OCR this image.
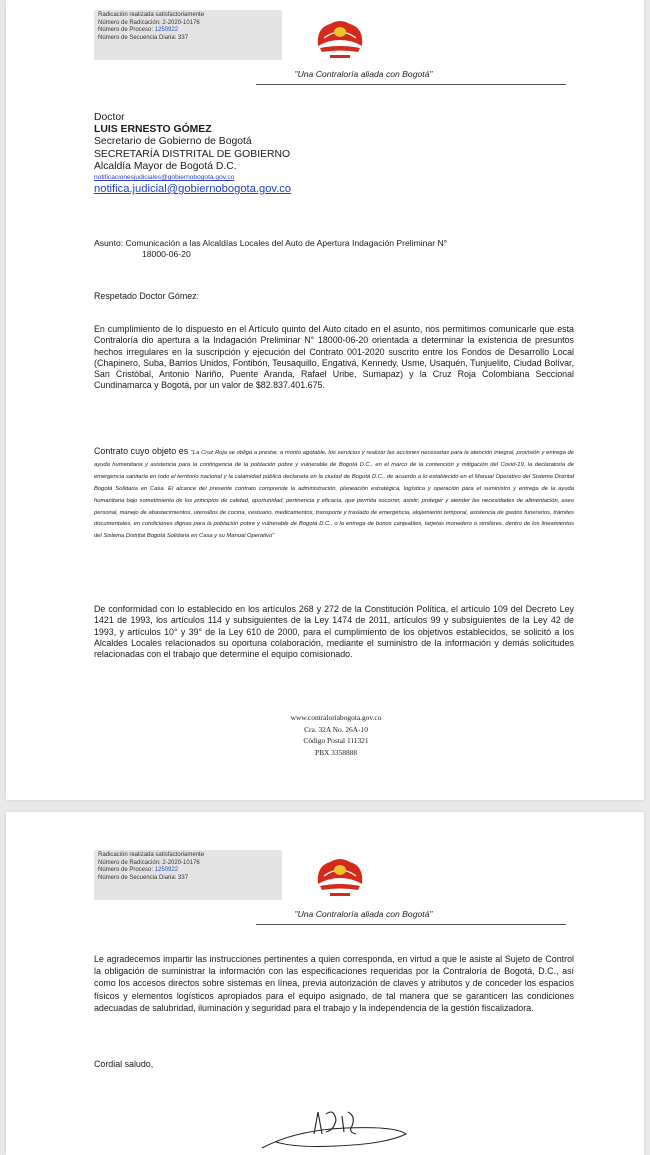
Radicación realizada satisfactoriamente
Número de Radicación: 2-2020-10176
Número de Proceso: 1250922
Número de Secuencia Diaria: 337
"Una Contraloría aliada con Bogotá"
Doctor
LUIS ERNESTO GÓMEZ
Secretario de Gobierno de Bogotá
SECRETARÍA DISTRITAL DE GOBIERNO
Alcaldía Mayor de Bogotá D.C.
notificacionesjudiciales@gobiernobogota.gov.co
notifica.judicial@gobiernobogota.gov.co
Asunto: Comunicación a las Alcaldías Locales del Auto de Apertura Indagación Preliminar N°
18000-06-20
Respetado Doctor Gómez:
En cumplimiento de lo dispuesto en el Artículo quinto del Auto citado en el asunto, nos permitimos comunicarle que esta Contraloría dio apertura a la Indagación Preliminar N° 18000-06-20 orientada a determinar la existencia de presuntos hechos irregulares en la suscripción y ejecución del Contrato 001-2020 suscrito entre los Fondos de Desarrollo Local (Chapinero, Suba, Barrios Unidos, Fontibón, Teusaquillo, Engativá, Kennedy, Usme, Usaquén, Tunjuelito, Ciudad Bolívar, San Cristóbal, Antonio Nariño, Puente Aranda, Rafael Uribe, Sumapaz) y la Cruz Roja Colombiana Seccional Cundinamarca y Bogotá, por un valor de $82.837.401.675.
Contrato cuyo objeto es "La Cruz Roja se obliga a prestar, a monto agotable, los servicios y realizar las acciones necesarias para la atención integral, provisión y entrega de ayuda humanitaria y asistencia para la contingencia de la población pobre y vulnerable de Bogotá D.C., en el marco de la contención y mitigación del Covid-19, la declaratoria de emergencia sanitaria en todo el territorio nacional y la calamidad pública declarada en la ciudad de Bogotá D.C., de acuerdo a lo establecido en el Manual Operativo del Sistema Distrital Bogotá Solidaria en Casa. El alcance del presente contrato comprende la administración, planeación estratégica, logística y operación para el suministro y entrega de la ayuda humanitaria bajo sometimiento de los principios de calidad, oportunidad, pertinencia y eficacia, que permita socorrer, asistir, proteger y atender las necesidades de alimentación, aseo personal, manejo de abastecimientos, utensilios de cocina, vestuario, medicamentos, transporte y traslado de emergencia, alojamiento temporal, asistencia de gastos funerarios, trámites documentales, en condiciones dignas para la población pobre y vulnerable de Bogotá D.C., o la entrega de bonos canjeables, tarjetas monedero o similares, dentro de los lineamientos del Sistema Distrital Bogotá Solidaria en Casa y su Manual Operativo"
De conformidad con lo establecido en los artículos 268 y 272 de la Constitución Política, el artículo 109 del Decreto Ley 1421 de 1993, los artículos 114 y subsiguientes de la Ley 1474 de 2011, artículos 99 y subsiguientes de la Ley 42 de 1993, y artículos 10° y 39° de la Ley 610 de 2000, para el cumplimiento de los objetivos establecidos, se solicitó a los Alcaldes Locales relacionados su oportuna colaboración, mediante el suministro de la información y demás solicitudes relacionadas con el trabajo que determine el equipo comisionado.
www.contraloriabogota.gov.co
Cra. 32A No. 26A-10
Código Postal 111321
PBX 3358888
Radicación realizada satisfactoriamente
Número de Radicación: 2-2020-10176
Número de Proceso: 1250922
Número de Secuencia Diaria: 337
"Una Contraloría aliada con Bogotá"
Le agradecemos impartir las instrucciones pertinentes a quien corresponda, en virtud a que le asiste al Sujeto de Control la obligación de suministrar la información con las especificaciones requeridas por la Contraloría de Bogotá, D.C., así como los accesos directos sobre sistemas en línea, previa autorización de claves y atributos y de conceder los espacios físicos y elementos logísticos apropiados para el equipo asignado, de tal manera que se garanticen las condiciones adecuadas de salubridad, iluminación y seguridad para el trabajo y la independencia de la gestión fiscalizadora.
Cordial saludo,
